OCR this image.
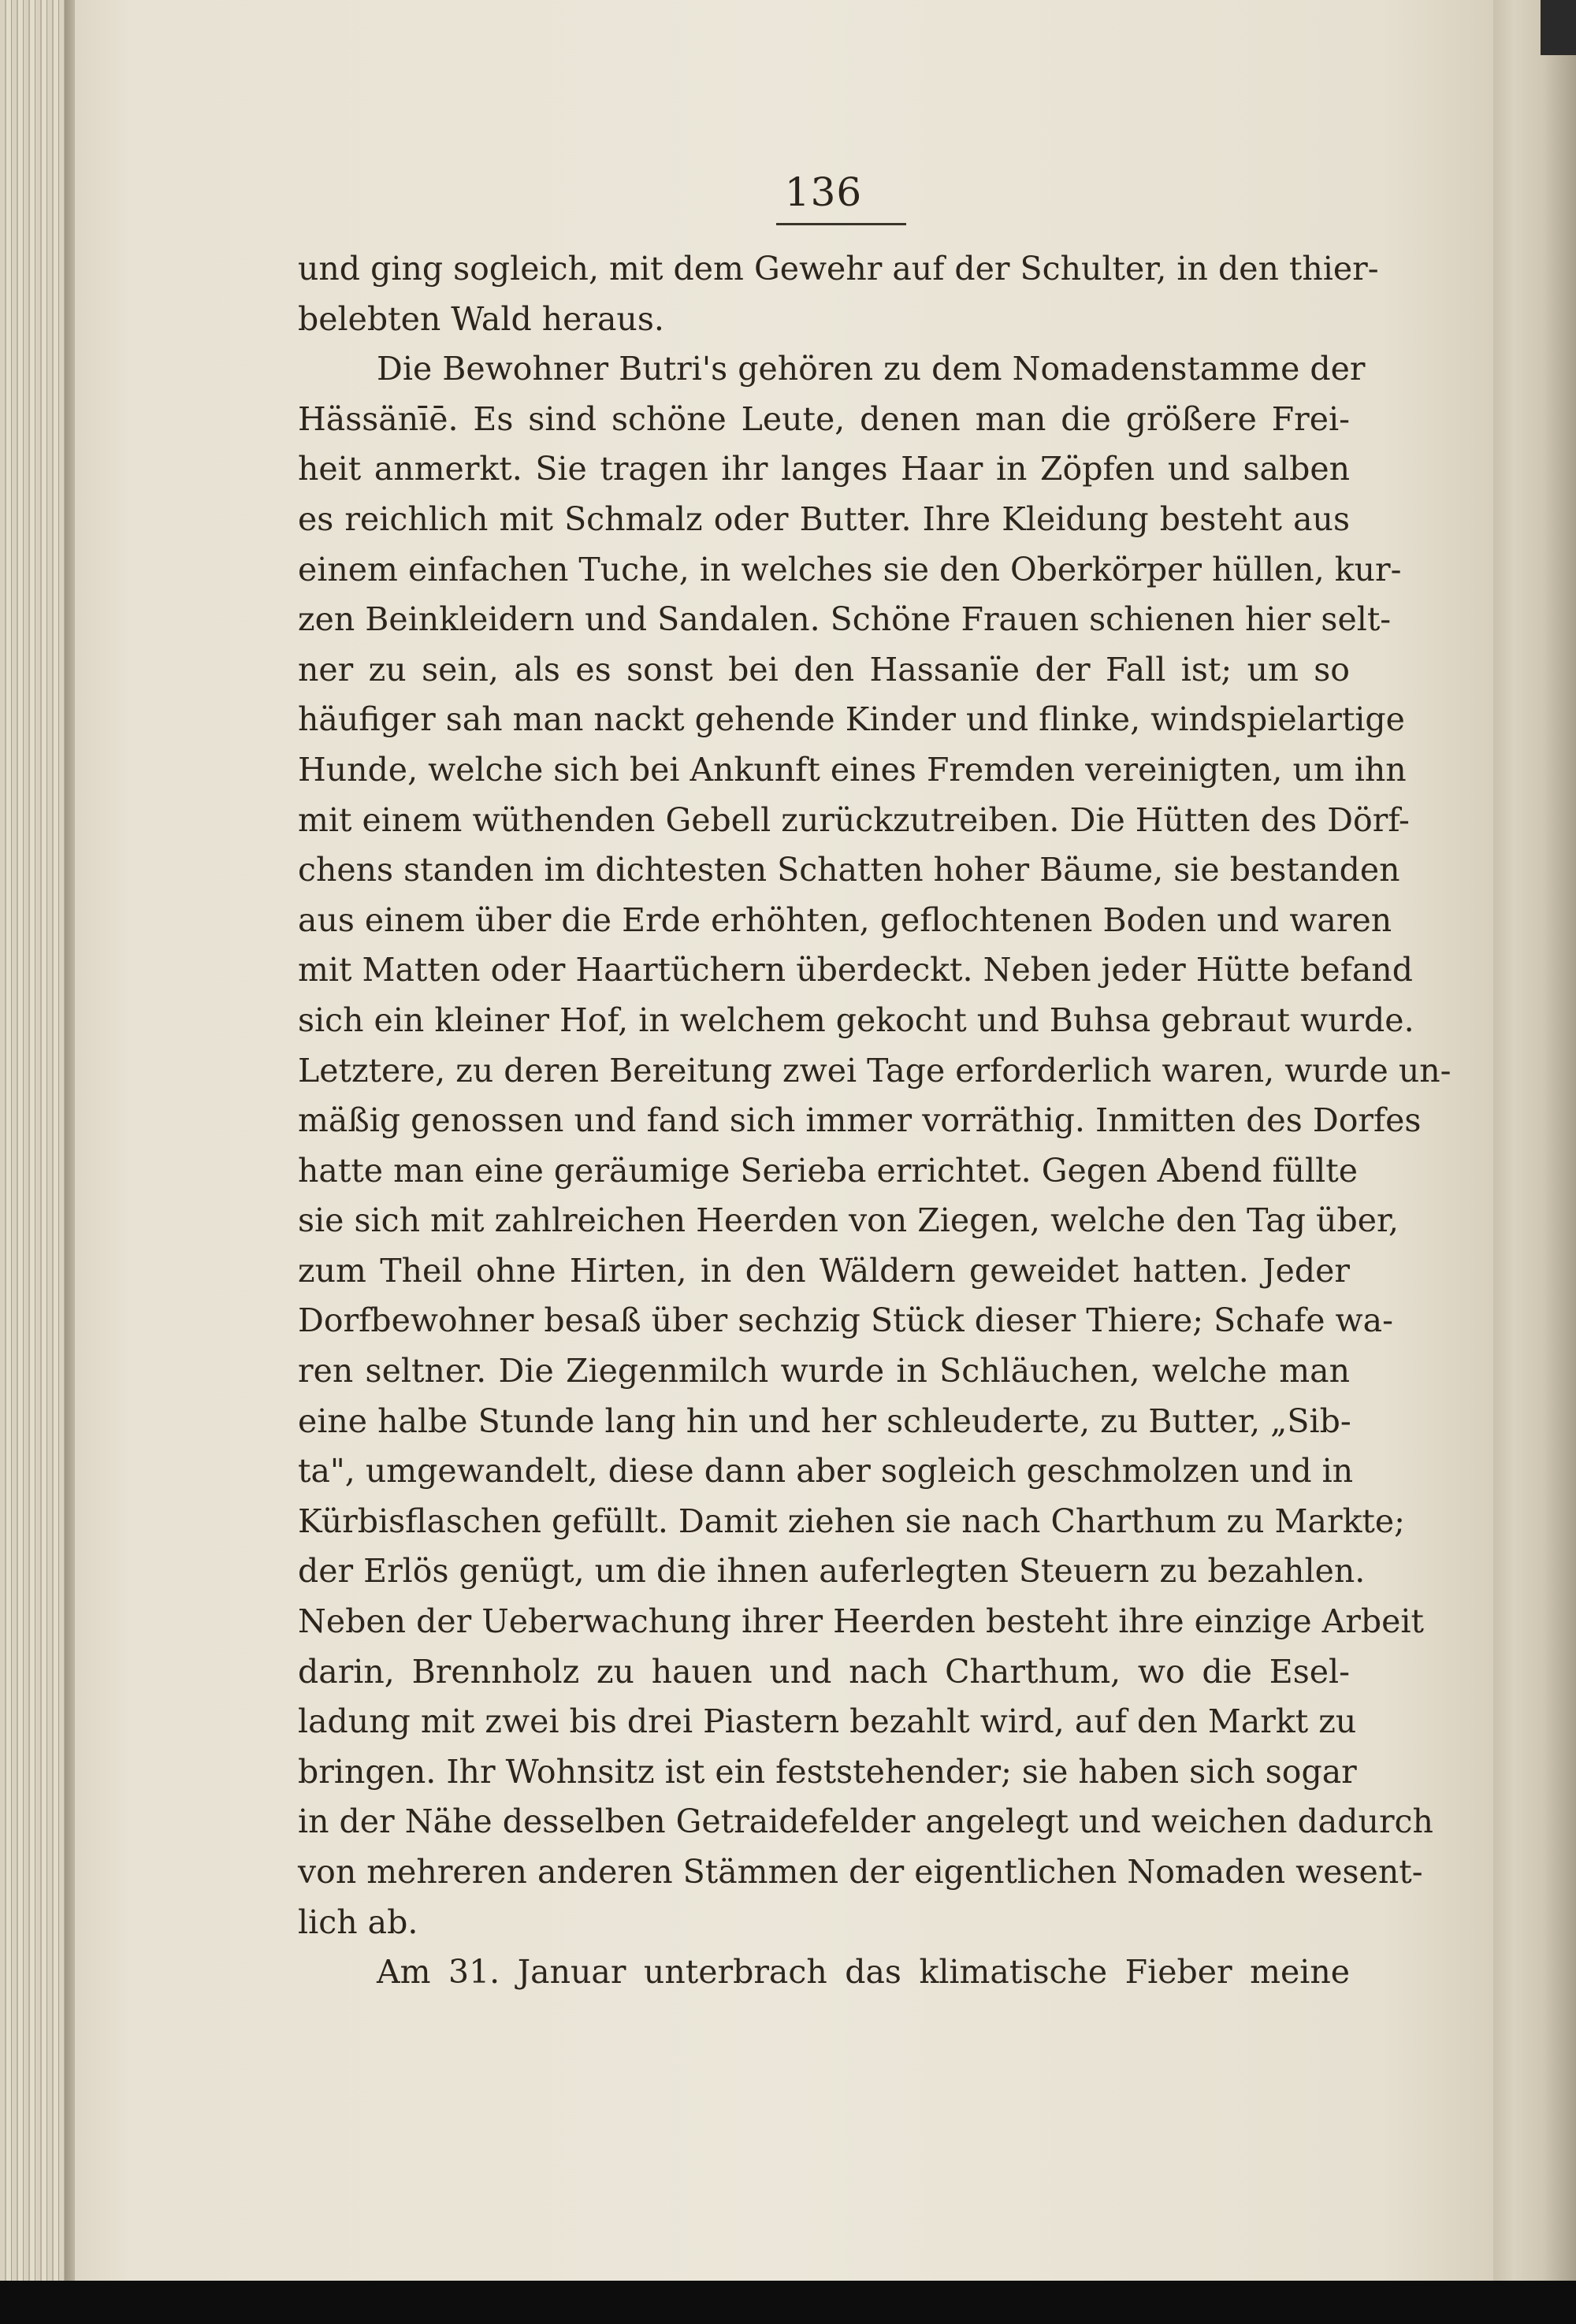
136
und ging sogleich, mit dem Gewehr auf der Schulter, in den thier-
belebten Wald heraus.
Die Bewohner Butri's gehören zu dem Nomadenstamme der
Hässänīē. Es sind schöne Leute, denen man die größere Frei-
heit anmerkt. Sie tragen ihr langes Haar in Zöpfen und salben
es reichlich mit Schmalz oder Butter. Ihre Kleidung besteht aus
einem einfachen Tuche, in welches sie den Oberkörper hüllen, kur-
zen Beinkleidern und Sandalen. Schöne Frauen schienen hier selt-
ner zu sein, als es sonst bei den Hassanïe der Fall ist; um so
häufiger sah man nackt gehende Kinder und flinke, windspielartige
Hunde, welche sich bei Ankunft eines Fremden vereinigten, um ihn
mit einem wüthenden Gebell zurückzutreiben. Die Hütten des Dörf-
chens standen im dichtesten Schatten hoher Bäume, sie bestanden
aus einem über die Erde erhöhten, geflochtenen Boden und waren
mit Matten oder Haartüchern überdeckt. Neben jeder Hütte befand
sich ein kleiner Hof, in welchem gekocht und Buhsa gebraut wurde.
Letztere, zu deren Bereitung zwei Tage erforderlich waren, wurde un-
mäßig genossen und fand sich immer vorräthig. Inmitten des Dorfes
hatte man eine geräumige Serieba errichtet. Gegen Abend füllte
sie sich mit zahlreichen Heerden von Ziegen, welche den Tag über,
zum Theil ohne Hirten, in den Wäldern geweidet hatten. Jeder
Dorfbewohner besaß über sechzig Stück dieser Thiere; Schafe wa-
ren seltner. Die Ziegenmilch wurde in Schläuchen, welche man
eine halbe Stunde lang hin und her schleuderte, zu Butter, „Sib-
ta", umgewandelt, diese dann aber sogleich geschmolzen und in
Kürbisflaschen gefüllt. Damit ziehen sie nach Charthum zu Markte;
der Erlös genügt, um die ihnen auferlegten Steuern zu bezahlen.
Neben der Ueberwachung ihrer Heerden besteht ihre einzige Arbeit
darin, Brennholz zu hauen und nach Charthum, wo die Esel-
ladung mit zwei bis drei Piastern bezahlt wird, auf den Markt zu
bringen. Ihr Wohnsitz ist ein feststehender; sie haben sich sogar
in der Nähe desselben Getraidefelder angelegt und weichen dadurch
von mehreren anderen Stämmen der eigentlichen Nomaden wesent-
lich ab.
Am 31. Januar unterbrach das klimatische Fieber meine
